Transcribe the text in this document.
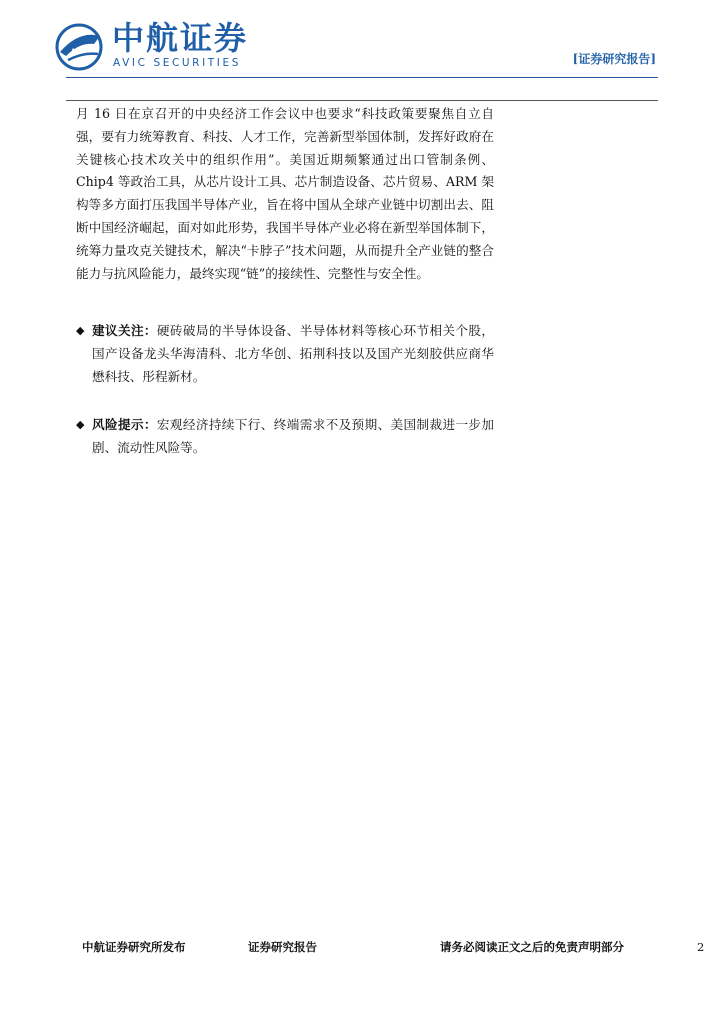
AVIC 中航证券
AVIC SECURITIES	[证券研究报告]

月 16 日在京召开的中央经济工作会议中也要求“科技政策要聚焦自立自强，要有力统筹教育、科技、人才工作，完善新型举国体制，发挥好政府在关键核心技术攻关中的组织作用”。美国近期频繁通过出口管制条例、Chip4 等政治工具，从芯片设计工具、芯片制造设备、芯片贸易、ARM 架构等多方面打压我国半导体产业，旨在将中国从全球产业链中切割出去、阻断中国经济崛起，面对如此形势，我国半导体产业必将在新型举国体制下，统筹力量攻克关键技术，解决“卡脖子”技术问题，从而提升全产业链的整合能力与抗风险能力，最终实现“链”的接续性、完整性与安全性。

◆ 建议关注：硬砖破局的半导体设备、半导体材料等核心环节相关个股，国产设备龙头华海清科、北方华创、拓荆科技以及国产光刻胶供应商华懋科技、彤程新材。
◆ 风险提示：宏观经济持续下行、终端需求不及预期、美国制裁进一步加剧、流动性风险等。
中航证券研究所发布	证券研究报告	请务必阅读正文之后的免责声明部分	2
